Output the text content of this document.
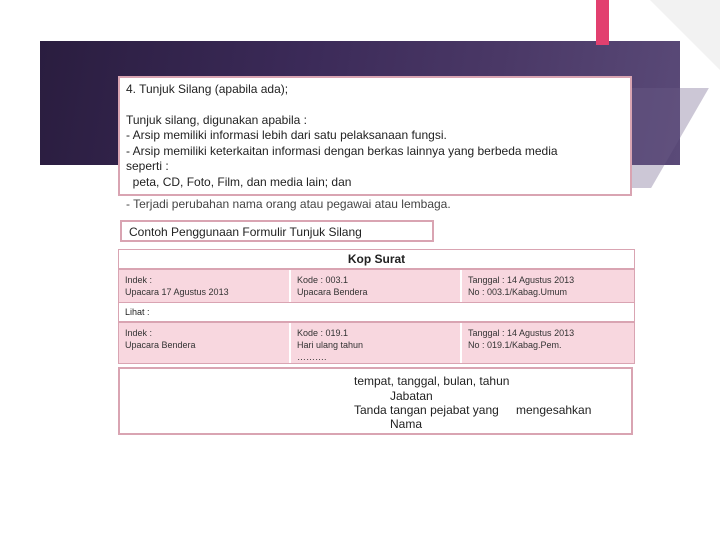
4. Tunjuk Silang (apabila ada);
Tunjuk silang, digunakan apabila :
- Arsip memiliki informasi lebih dari satu pelaksanaan fungsi.
- Arsip memiliki keterkaitan informasi dengan berkas lainnya yang berbeda media
seperti :
peta, CD, Foto, Film, dan media lain; dan
- Terjadi perubahan nama orang atau pegawai atau lembaga.
Contoh Penggunaan Formulir Tunjuk Silang
Kop Surat
Indek :
Upacara 17 Agustus 2013
Kode : 003.1
Upacara Bendera
Tanggal : 14 Agustus 2013
No : 003.1/Kabag.Umum
Lihat :
Indek :
Upacara Bendera
Kode : 019.1
Hari ulang tahun
……….
Tanggal : 14 Agustus 2013
No : 019.1/Kabag.Pem.
tempat, tanggal, bulan, tahun
Jabatan
Tanda tangan pejabat yang mengesahkan
Nama
